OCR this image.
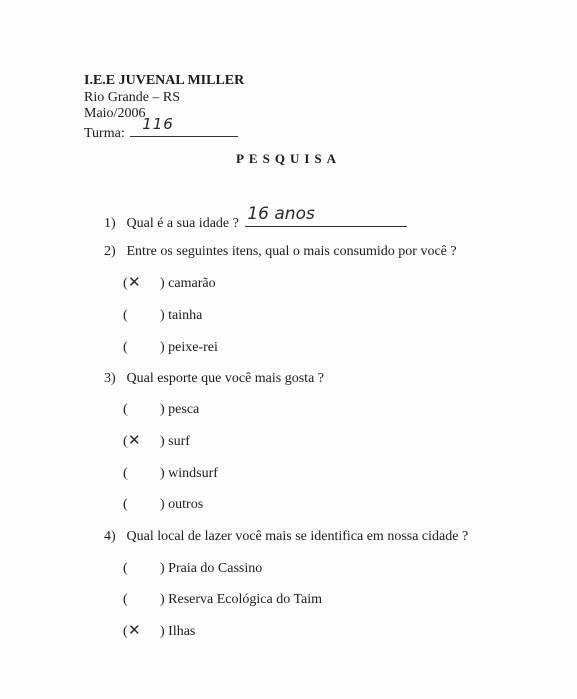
I.E.E JUVENAL MILLER
Rio Grande – RS
Maio/2006
Turma:
116
PESQUISA
1) Qual é a sua idade ? 16 anos
2) Entre os seguintes itens, qual o mais consumido por você ?
( ✕ ) camarão
( ) tainha
( ) peixe-rei
3) Qual esporte que você mais gosta ?
( ) pesca
( ✕ ) surf
( ) windsurf
( ) outros
4) Qual local de lazer você mais se identifica em nossa cidade ?
( ) Praia do Cassino
( ) Reserva Ecológica do Taim
( ✕ ) Ilhas
